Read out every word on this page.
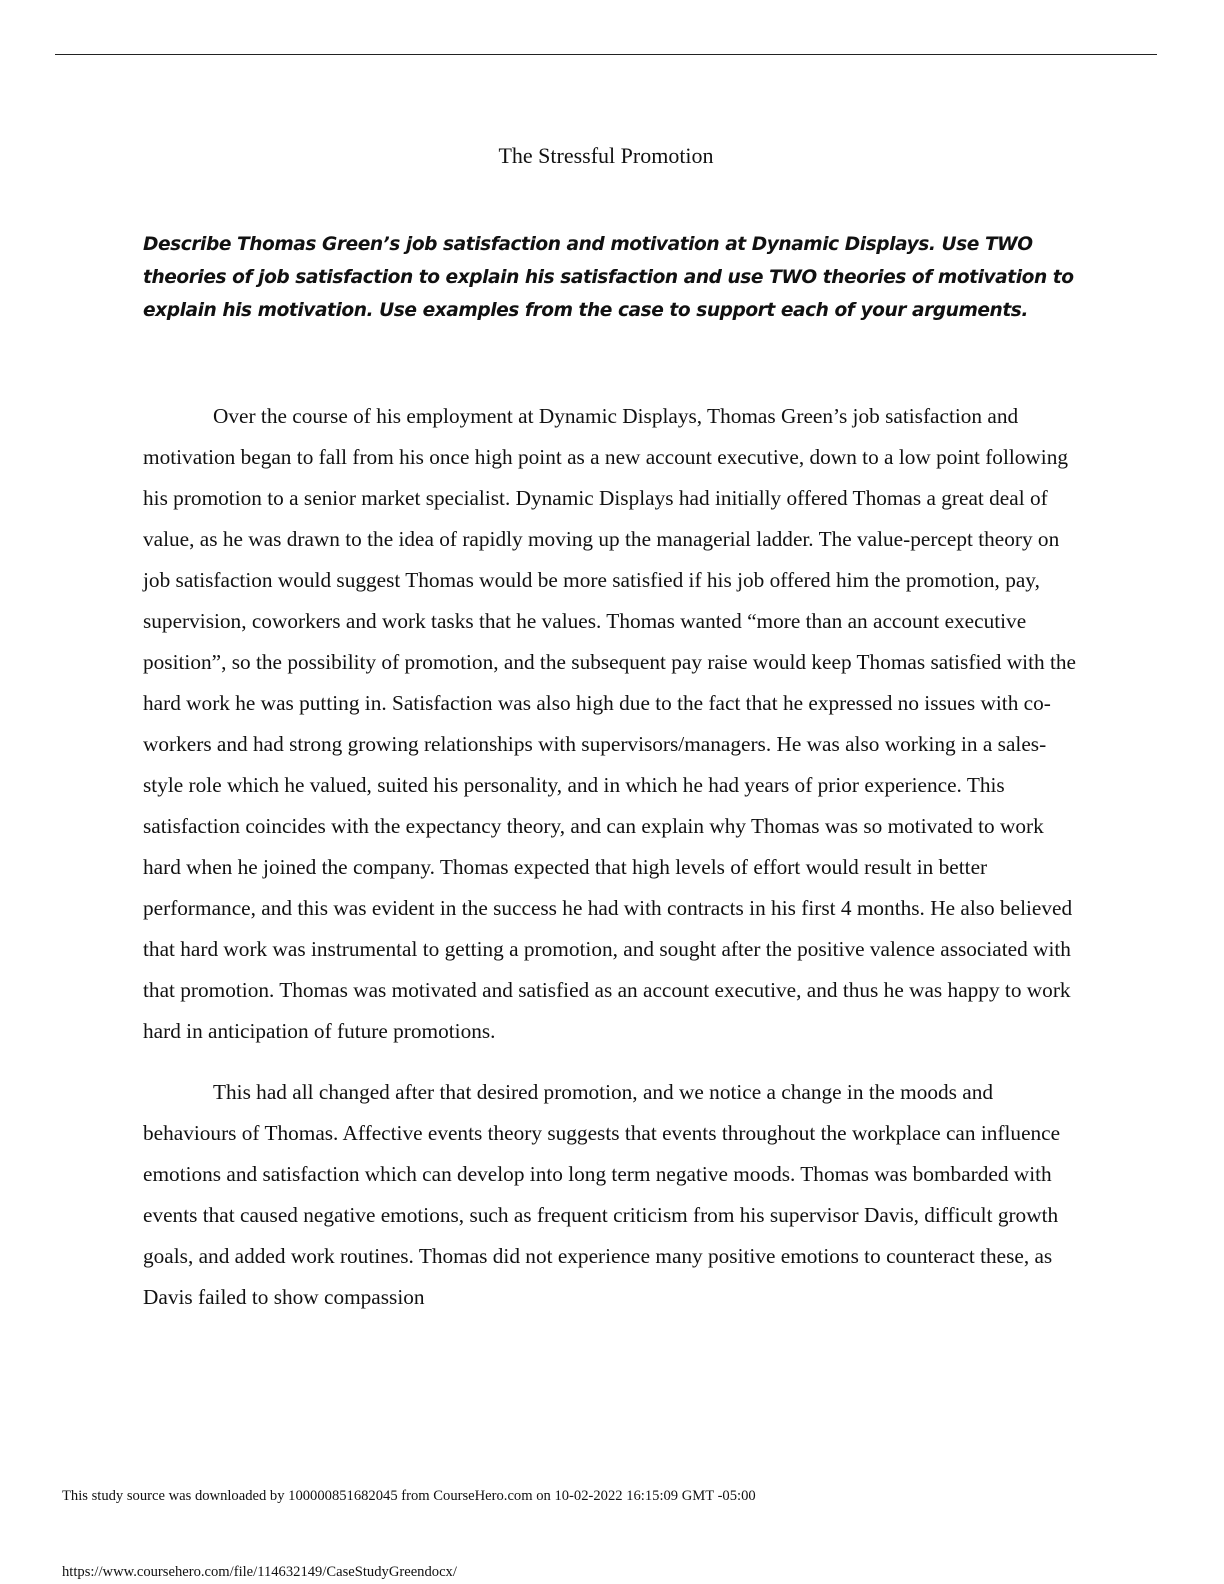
The Stressful Promotion
Describe Thomas Green’s job satisfaction and motivation at Dynamic Displays. Use TWO theories of job satisfaction to explain his satisfaction and use TWO theories of motivation to explain his motivation. Use examples from the case to support each of your arguments.

Over the course of his employment at Dynamic Displays, Thomas Green’s job satisfaction and motivation began to fall from his once high point as a new account executive, down to a low point following his promotion to a senior market specialist. Dynamic Displays had initially offered Thomas a great deal of value, as he was drawn to the idea of rapidly moving up the managerial ladder. The value-percept theory on job satisfaction would suggest Thomas would be more satisfied if his job offered him the promotion, pay, supervision, coworkers and work tasks that he values. Thomas wanted “more than an account executive position”, so the possibility of promotion, and the subsequent pay raise would keep Thomas satisfied with the hard work he was putting in. Satisfaction was also high due to the fact that he expressed no issues with co-workers and had strong growing relationships with supervisors/managers. He was also working in a sales-style role which he valued, suited his personality, and in which he had years of prior experience. This satisfaction coincides with the expectancy theory, and can explain why Thomas was so motivated to work hard when he joined the company. Thomas expected that high levels of effort would result in better performance, and this was evident in the success he had with contracts in his first 4 months. He also believed that hard work was instrumental to getting a promotion, and sought after the positive valence associated with that promotion. Thomas was motivated and satisfied as an account executive, and thus he was happy to work hard in anticipation of future promotions.

This had all changed after that desired promotion, and we notice a change in the moods and behaviours of Thomas. Affective events theory suggests that events throughout the workplace can influence emotions and satisfaction which can develop into long term negative moods. Thomas was bombarded with events that caused negative emotions, such as frequent criticism from his supervisor Davis, difficult growth goals, and added work routines. Thomas did not experience many positive emotions to counteract these, as Davis failed to show compassion

This study source was downloaded by 100000851682045 from CourseHero.com on 10-02-2022 16:15:09 GMT -05:00
https://www.coursehero.com/file/114632149/CaseStudyGreendocx/
